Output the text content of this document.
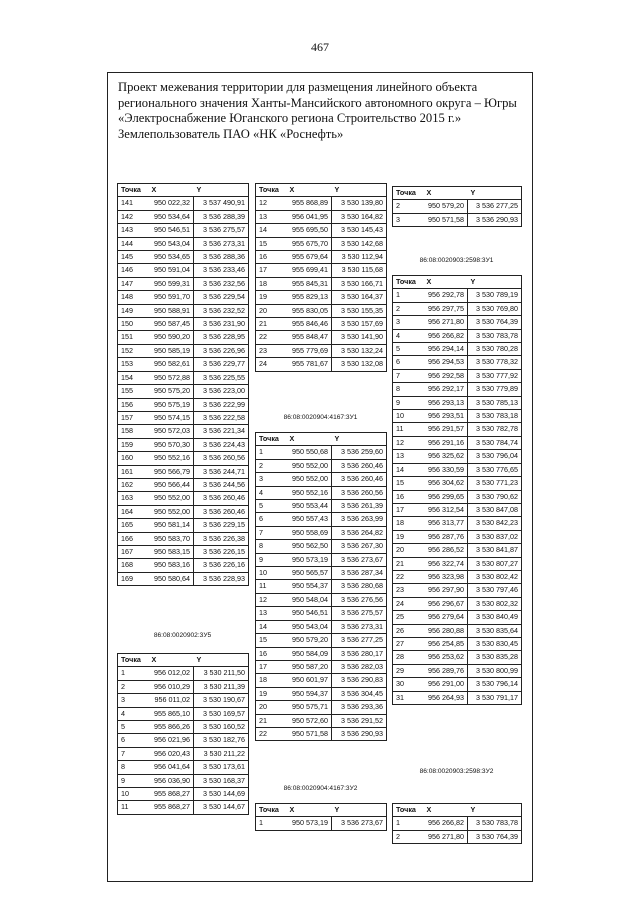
467
Проект межевания территории для размещения линейного объекта
регионального значения Ханты-Мансийского автономного округа – Югры
«Электроснабжение Юганского региона Строительство 2015 г.»
Землепользователь ПАО «НК «Роснефть»
Точка	X	Y
141	950 022,32	3 537 490,91
142	950 534,64	3 536 288,39
143	950 546,51	3 536 275,57
144	950 543,04	3 536 273,31
145	950 534,65	3 536 288,36
146	950 591,04	3 536 233,46
147	950 599,31	3 536 232,56
148	950 591,70	3 536 229,54
149	950 588,91	3 536 232,52
150	950 587,45	3 536 231,90
151	950 590,20	3 536 228,95
152	950 585,19	3 536 226,96
153	950 582,61	3 536 229,77
154	950 572,88	3 536 225,55
155	950 575,20	3 536 223,00
156	950 575,19	3 536 222,99
157	950 574,15	3 536 222,58
158	950 572,03	3 536 221,34
159	950 570,30	3 536 224,43
160	950 552,16	3 536 260,56
161	950 566,79	3 536 244,71
162	950 566,44	3 536 244,56
163	950 552,00	3 536 260,46
164	950 552,00	3 536 260,46
165	950 581,14	3 536 229,15
166	950 583,70	3 536 226,38
167	950 583,15	3 536 226,15
168	950 583,16	3 536 226,16
169	950 580,64	3 536 228,93
86:08:0020902:3У5
Точка	X	Y
1	956 012,02	3 530 211,50
2	956 010,29	3 530 211,39
3	956 011,02	3 530 190,67
4	955 865,10	3 530 169,57
5	955 866,26	3 530 160,52
6	956 021,96	3 530 182,76
7	956 020,43	3 530 211,22
8	956 041,64	3 530 173,61
9	956 036,90	3 530 168,37
10	955 868,27	3 530 144,69
11	955 868,27	3 530 144,67
Точка	X	Y
12	955 868,89	3 530 139,80
13	956 041,95	3 530 164,82
14	955 695,50	3 530 145,43
15	955 675,70	3 530 142,68
16	955 679,64	3 530 112,94
17	955 699,41	3 530 115,68
18	955 845,31	3 530 166,71
19	955 829,13	3 530 164,37
20	955 830,05	3 530 155,35
21	955 846,46	3 530 157,69
22	955 848,47	3 530 141,90
23	955 779,69	3 530 132,24
24	955 781,67	3 530 132,08
86:08:0020904:4167:3У1
Точка	X	Y
1	950 550,68	3 536 259,60
2	950 552,00	3 536 260,46
3	950 552,00	3 536 260,46
4	950 552,16	3 536 260,56
5	950 553,44	3 536 261,39
6	950 557,43	3 536 263,99
7	950 558,69	3 536 264,82
8	950 562,50	3 536 267,30
9	950 573,19	3 536 273,67
10	950 565,57	3 536 287,34
11	950 554,37	3 536 280,68
12	950 548,04	3 536 276,56
13	950 546,51	3 536 275,57
14	950 543,04	3 536 273,31
15	950 579,20	3 536 277,25
16	950 584,09	3 536 280,17
17	950 587,20	3 536 282,03
18	950 601,97	3 536 290,83
19	950 594,37	3 536 304,45
20	950 575,71	3 536 293,36
21	950 572,60	3 536 291,52
22	950 571,58	3 536 290,93
86:08:0020904:4167:3У2
Точка	X	Y
1	950 573,19	3 536 273,67
Точка	X	Y
2	950 579,20	3 536 277,25
3	950 571,58	3 536 290,93
86:08:0020903:2598:3У1
Точка	X	Y
1	956 292,78	3 530 789,19
2	956 297,75	3 530 769,80
3	956 271,80	3 530 764,39
4	956 266,82	3 530 783,78
5	956 294,14	3 530 780,28
6	956 294,53	3 530 778,32
7	956 292,58	3 530 777,92
8	956 292,17	3 530 779,89
9	956 293,13	3 530 785,13
10	956 293,51	3 530 783,18
11	956 291,57	3 530 782,78
12	956 291,16	3 530 784,74
13	956 325,62	3 530 796,04
14	956 330,59	3 530 776,65
15	956 304,62	3 530 771,23
16	956 299,65	3 530 790,62
17	956 312,54	3 530 847,08
18	956 313,77	3 530 842,23
19	956 287,76	3 530 837,02
20	956 286,52	3 530 841,87
21	956 322,74	3 530 807,27
22	956 323,98	3 530 802,42
23	956 297,90	3 530 797,46
24	956 296,67	3 530 802,32
25	956 279,64	3 530 840,49
26	956 280,88	3 530 835,64
27	956 254,85	3 530 830,45
28	956 253,62	3 530 835,28
29	956 289,76	3 530 800,99
30	956 291,00	3 530 796,14
31	956 264,93	3 530 791,17
86:08:0020903:2598:3У2
Точка	X	Y
1	956 266,82	3 530 783,78
2	956 271,80	3 530 764,39
